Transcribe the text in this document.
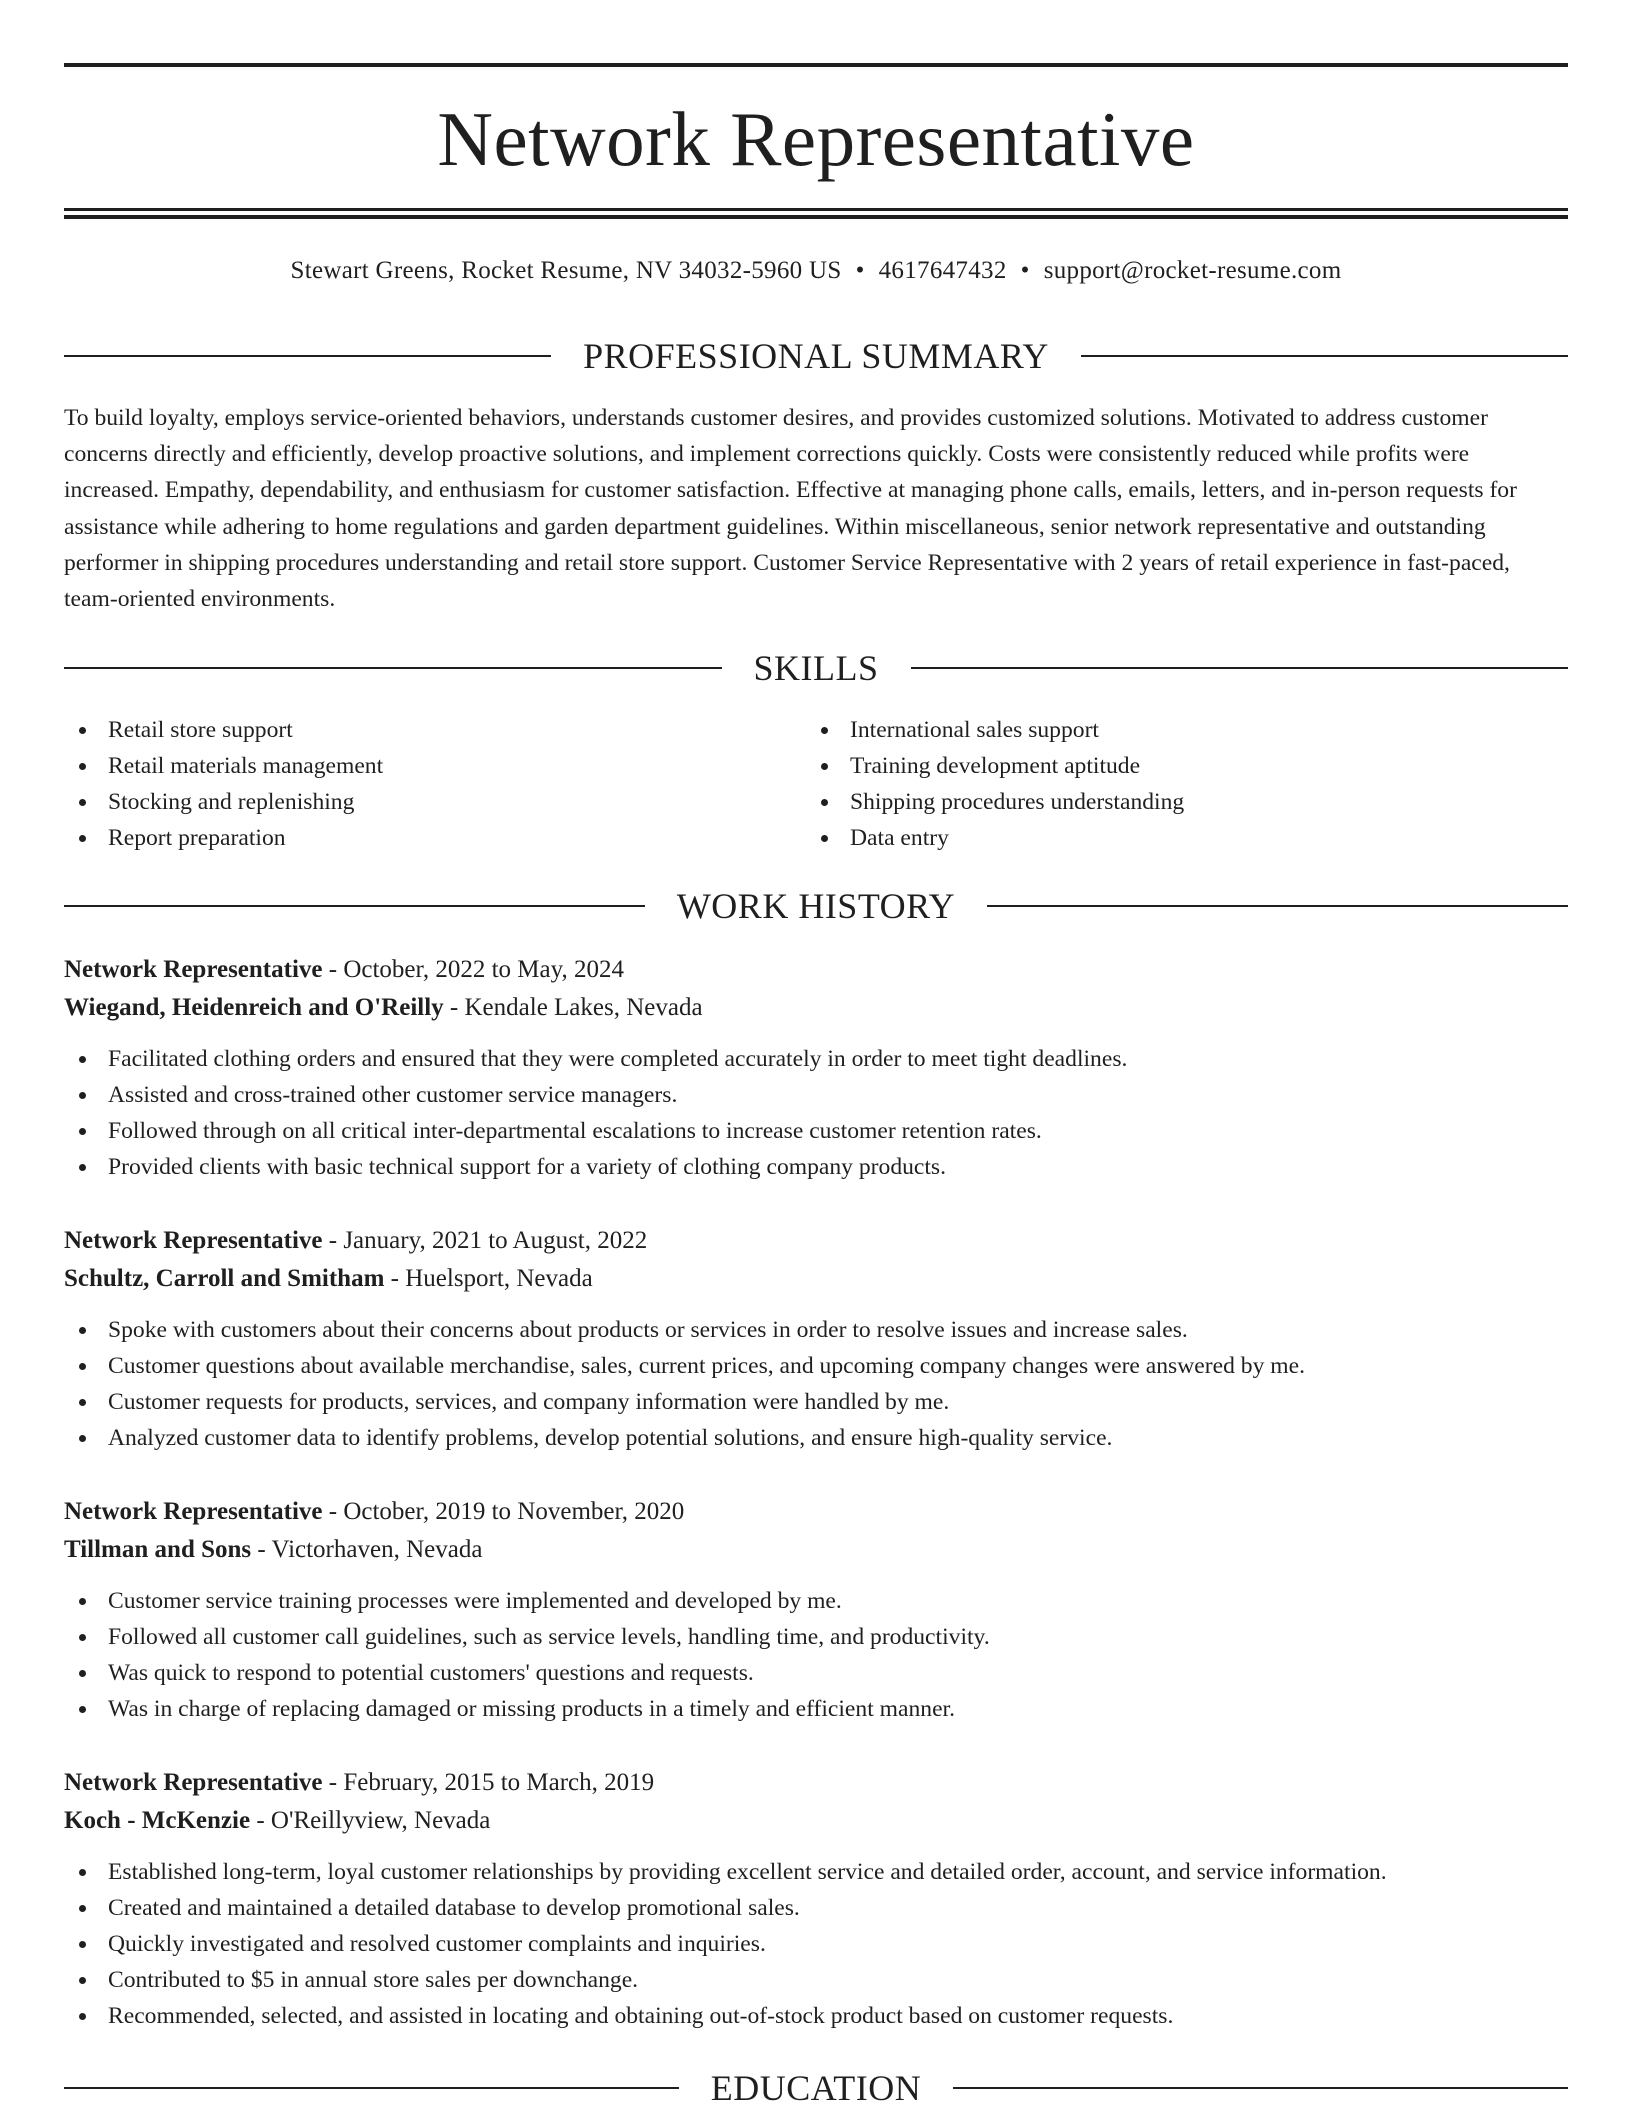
Network Representative
Stewart Greens, Rocket Resume, NV 34032-5960 US • 4617647432 • support@rocket-resume.com
PROFESSIONAL SUMMARY

To build loyalty, employs service-oriented behaviors, understands customer desires, and provides customized solutions. Motivated to address customer concerns directly and efficiently, develop proactive solutions, and implement corrections quickly. Costs were consistently reduced while profits were increased. Empathy, dependability, and enthusiasm for customer satisfaction. Effective at managing phone calls, emails, letters, and in-person requests for assistance while adhering to home regulations and garden department guidelines. Within miscellaneous, senior network representative and outstanding performer in shipping procedures understanding and retail store support. Customer Service Representative with 2 years of retail experience in fast-paced, team-oriented environments.

SKILLS
Retail store support
Retail materials management
Stocking and replenishing
Report preparation
International sales support
Training development aptitude
Shipping procedures understanding
Data entry
WORK HISTORY
Network Representative - October, 2022 to May, 2024
Wiegand, Heidenreich and O'Reilly - Kendale Lakes, Nevada
Facilitated clothing orders and ensured that they were completed accurately in order to meet tight deadlines.
Assisted and cross-trained other customer service managers.
Followed through on all critical inter-departmental escalations to increase customer retention rates.
Provided clients with basic technical support for a variety of clothing company products.
Network Representative - January, 2021 to August, 2022
Schultz, Carroll and Smitham - Huelsport, Nevada
Spoke with customers about their concerns about products or services in order to resolve issues and increase sales.
Customer questions about available merchandise, sales, current prices, and upcoming company changes were answered by me.
Customer requests for products, services, and company information were handled by me.
Analyzed customer data to identify problems, develop potential solutions, and ensure high-quality service.
Network Representative - October, 2019 to November, 2020
Tillman and Sons - Victorhaven, Nevada
Customer service training processes were implemented and developed by me.
Followed all customer call guidelines, such as service levels, handling time, and productivity.
Was quick to respond to potential customers' questions and requests.
Was in charge of replacing damaged or missing products in a timely and efficient manner.
Network Representative - February, 2015 to March, 2019
Koch - McKenzie - O'Reillyview, Nevada
Established long-term, loyal customer relationships by providing excellent service and detailed order, account, and service information.
Created and maintained a detailed database to develop promotional sales.
Quickly investigated and resolved customer complaints and inquiries.
Contributed to $5 in annual store sales per downchange.
Recommended, selected, and assisted in locating and obtaining out-of-stock product based on customer requests.
EDUCATION
